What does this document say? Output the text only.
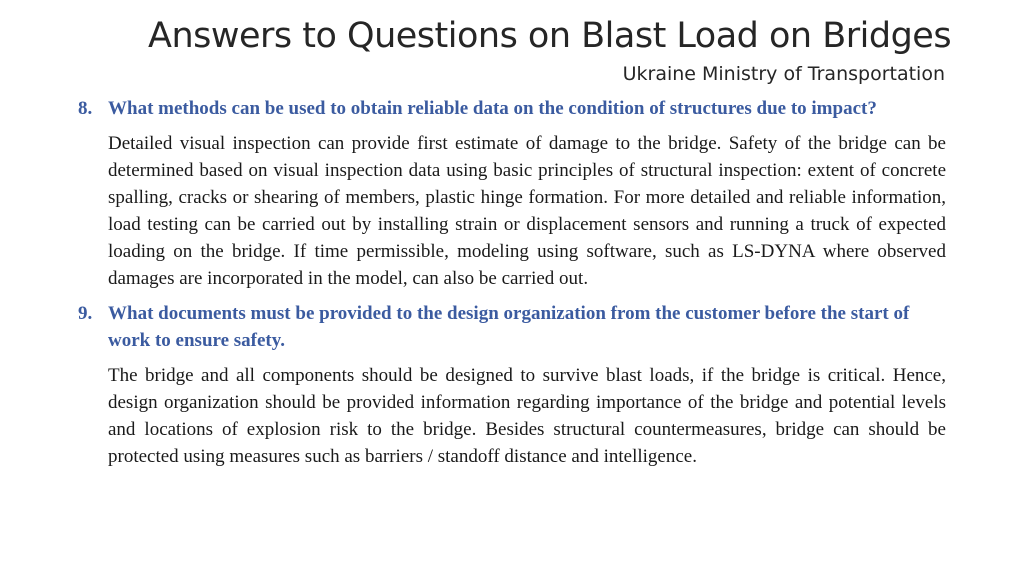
Answers to Questions on Blast Load on Bridges
Ukraine Ministry of Transportation
8. What methods can be used to obtain reliable data on the condition of structures due to impact?
Detailed visual inspection can provide first estimate of damage to the bridge. Safety of the bridge can be determined based on visual inspection data using basic principles of structural inspection: extent of concrete spalling, cracks or shearing of members, plastic hinge formation. For more detailed and reliable information, load testing can be carried out by installing strain or displacement sensors and running a truck of expected loading on the bridge. If time permissible, modeling using software, such as LS-DYNA where observed damages are incorporated in the model, can also be carried out.
9. What documents must be provided to the design organization from the customer before the start of work to ensure safety.
The bridge and all components should be designed to survive blast loads, if the bridge is critical. Hence, design organization should be provided information regarding importance of the bridge and potential levels and locations of explosion risk to the bridge. Besides structural countermeasures, bridge can should be protected using measures such as barriers / standoff distance and intelligence.
